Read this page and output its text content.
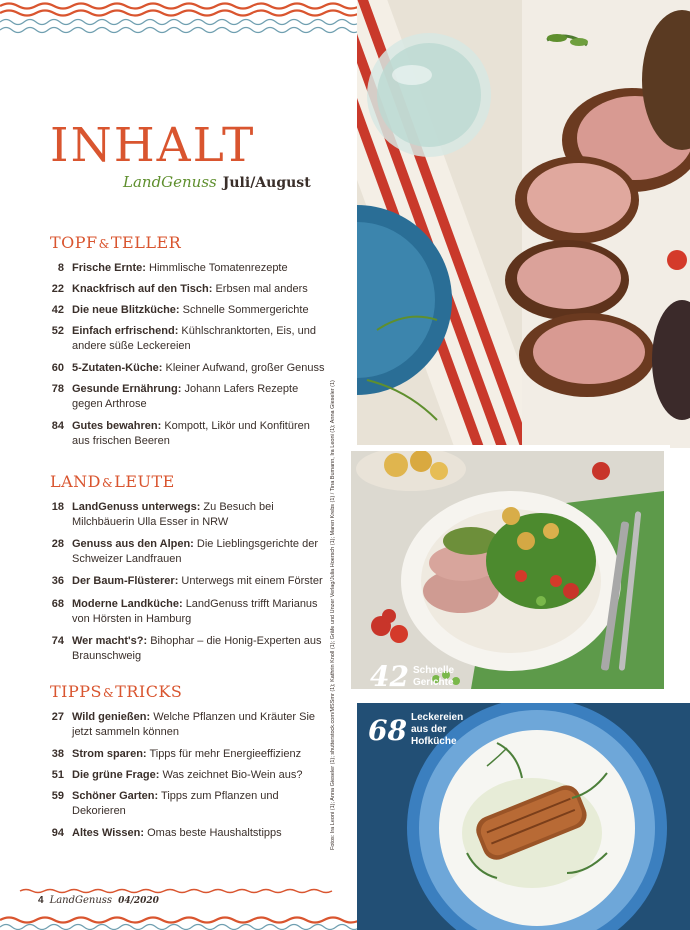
INHALT
LandGenuss Juli/August
TOPF&TELLER
8 Frische Ernte: Himmlische Tomatenrezepte
22 Knackfrisch auf den Tisch: Erbsen mal anders
42 Die neue Blitzküche: Schnelle Sommergerichte
52 Einfach erfrischend: Kühlschranktorten, Eis, und andere süße Leckereien
60 5-Zutaten-Küche: Kleiner Aufwand, großer Genuss
78 Gesunde Ernährung: Johann Lafers Rezepte gegen Arthrose
84 Gutes bewahren: Kompott, Likör und Konfitüren aus frischen Beeren
LAND&LEUTE
18 LandGenuss unterwegs: Zu Besuch bei Milchbäuerin Ulla Esser in NRW
28 Genuss aus den Alpen: Die Lieblingsgerichte der Schweizer Landfrauen
36 Der Baum-Flüsterer: Unterwegs mit einem Förster
68 Moderne Landküche: LandGenuss trifft Marianus von Hörsten in Hamburg
74 Wer macht's?: Bihophar – die Honig-Experten aus Braunschweig
TIPPS&TRICKS
27 Wild genießen: Welche Pflanzen und Kräuter Sie jetzt sammeln können
38 Strom sparen: Tipps für mehr Energieeffizienz
51 Die grüne Frage: Was zeichnet Bio-Wein aus?
59 Schöner Garten: Tipps zum Pflanzen und Dekorieren
94 Altes Wissen: Omas beste Haushaltstipps	Fotos: Ira Leoni (1); Anna Gieseler (1); shutterstock.com/MSSmr (1); Kathrin Knoll (1); Gräfe und Unzer Verlag/Julia Hoersch (1); Maren Krebs (1) / Tina Bumann, Ira Leoni (1); Anna Gieseler (1)
4 LandGenuss 04/2020
42 Schnelle Gerichte
68 Leckereien aus der Hofküche
